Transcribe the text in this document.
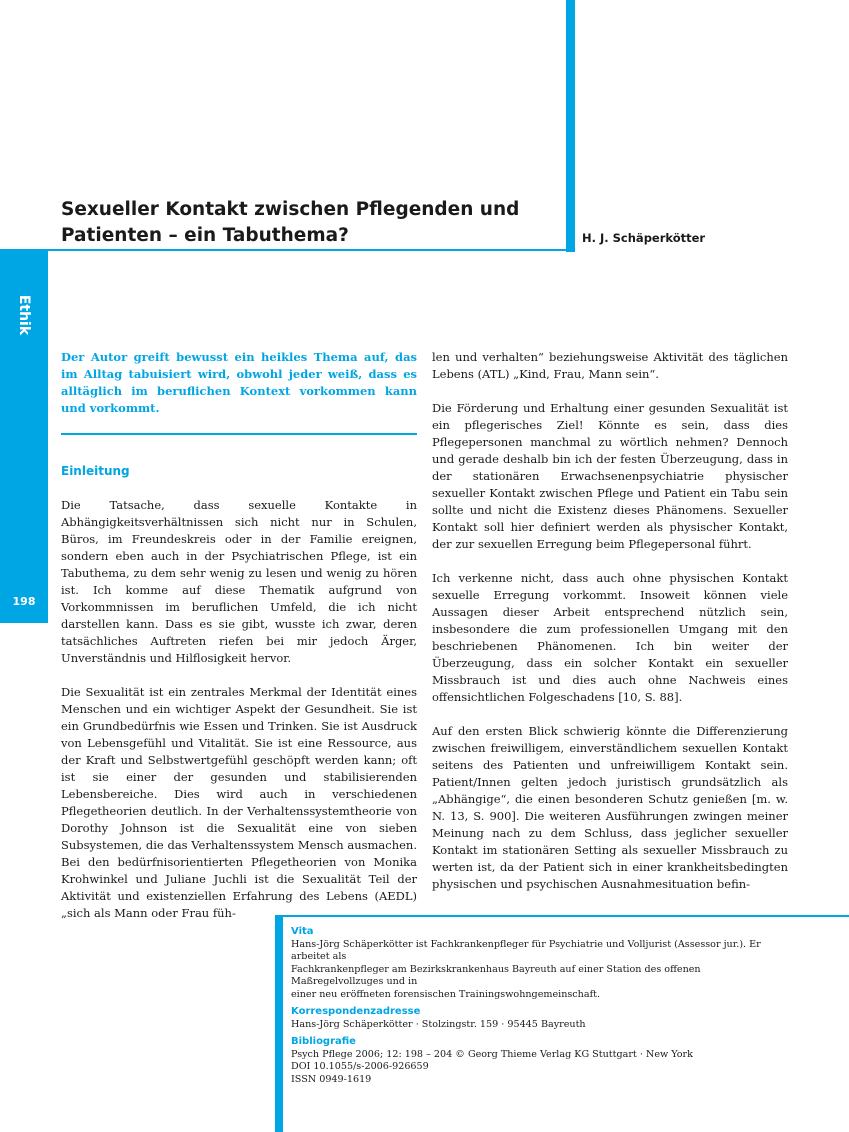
Ethik
198
Sexueller Kontakt zwischen Pflegenden und
Patienten – ein Tabuthema?	H. J. Schäperkötter

Der Autor greift bewusst ein heikles Thema auf, das im Alltag tabuisiert wird, obwohl jeder weiß, dass es alltäglich im beruflichen Kontext vorkommen kann und vorkommt.

Einleitung

Die Tatsache, dass sexuelle Kontakte in Abhängigkeitsverhältnissen sich nicht nur in Schulen, Büros, im Freundeskreis oder in der Familie ereignen, sondern eben auch in der Psychiatrischen Pflege, ist ein Tabuthema, zu dem sehr wenig zu lesen und wenig zu hören ist. Ich komme auf diese Thematik aufgrund von Vorkommnissen im beruflichen Umfeld, die ich nicht darstellen kann. Dass es sie gibt, wusste ich zwar, deren tatsächliches Auftreten riefen bei mir jedoch Ärger, Unverständnis und Hilflosigkeit hervor.

Die Sexualität ist ein zentrales Merkmal der Identität eines Menschen und ein wichtiger Aspekt der Gesundheit. Sie ist ein Grundbedürfnis wie Essen und Trinken. Sie ist Ausdruck von Lebensgefühl und Vitalität. Sie ist eine Ressource, aus der Kraft und Selbstwertgefühl geschöpft werden kann; oft ist sie einer der gesunden und stabilisierenden Lebensbereiche. Dies wird auch in verschiedenen Pflegetheorien deutlich. In der Verhaltenssystemtheorie von Dorothy Johnson ist die Sexualität eine von sieben Subsystemen, die das Verhaltenssystem Mensch ausmachen. Bei den bedürfnisorientierten Pflegetheorien von Monika Krohwinkel und Juliane Juchli ist die Sexualität Teil der Aktivität und existenziellen Erfahrung des Lebens (AEDL) „sich als Mann oder Frau füh-

len und verhalten“ beziehungsweise Aktivität des täglichen Lebens (ATL) „Kind, Frau, Mann sein“.

Die Förderung und Erhaltung einer gesunden Sexualität ist ein pflegerisches Ziel! Könnte es sein, dass dies Pflegepersonen manchmal zu wörtlich nehmen? Dennoch und gerade deshalb bin ich der festen Überzeugung, dass in der stationären Erwachsenenpsychiatrie physischer sexueller Kontakt zwischen Pflege und Patient ein Tabu sein sollte und nicht die Existenz dieses Phänomens. Sexueller Kontakt soll hier definiert werden als physischer Kontakt, der zur sexuellen Erregung beim Pflegepersonal führt.

Ich verkenne nicht, dass auch ohne physischen Kontakt sexuelle Erregung vorkommt. Insoweit können viele Aussagen dieser Arbeit entsprechend nützlich sein, insbesondere die zum professionellen Umgang mit den beschriebenen Phänomenen. Ich bin weiter der Überzeugung, dass ein solcher Kontakt ein sexueller Missbrauch ist und dies auch ohne Nachweis eines offensichtlichen Folgeschadens [10, S. 88].

Auf den ersten Blick schwierig könnte die Differenzierung zwischen freiwilligem, einverständlichem sexuellen Kontakt seitens des Patienten und unfreiwilligem Kontakt sein. Patient/Innen gelten jedoch juristisch grundsätzlich als „Abhängige“, die einen besonderen Schutz genießen [m. w. N. 13, S. 900]. Die weiteren Ausführungen zwingen meiner Meinung nach zu dem Schluss, dass jeglicher sexueller Kontakt im stationären Setting als sexueller Missbrauch zu werten ist, da der Patient sich in einer krankheitsbedingten physischen und psychischen Ausnahmesituation befin-

Vita
Hans-Jörg Schäperkötter ist Fachkrankenpfleger für Psychiatrie und Volljurist (Assessor jur.). Er arbeitet als
Fachkrankenpfleger am Bezirkskrankenhaus Bayreuth auf einer Station des offenen Maßregelvollzuges und in
einer neu eröffneten forensischen Trainingswohngemeinschaft.
Korrespondenzadresse
Hans-Jörg Schäperkötter · Stolzingstr. 159 · 95445 Bayreuth
Bibliografie
Psych Pflege 2006; 12: 198 – 204 © Georg Thieme Verlag KG Stuttgart · New York
DOI 10.1055/s-2006-926659
ISSN 0949-1619
